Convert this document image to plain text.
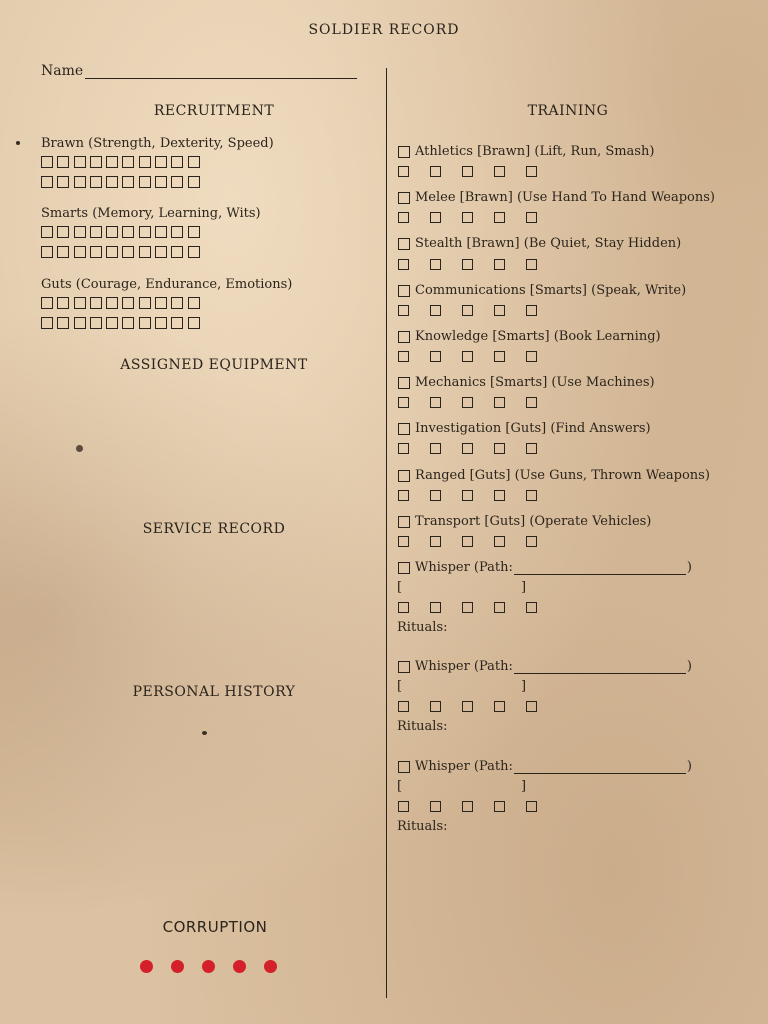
SOLDIER RECORD
Name
RECRUITMENT
Brawn (Strength, Dexterity, Speed)
Smarts (Memory, Learning, Wits)
Guts (Courage, Endurance, Emotions)
ASSIGNED EQUIPMENT
SERVICE RECORD
PERSONAL HISTORY
CORRUPTION
TRAINING
Athletics [Brawn] (Lift, Run, Smash)
Melee [Brawn] (Use Hand To Hand Weapons)
Stealth [Brawn] (Be Quiet, Stay Hidden)
Communications [Smarts] (Speak, Write)
Knowledge [Smarts] (Book Learning)
Mechanics [Smarts] (Use Machines)
Investigation [Guts] (Find Answers)
Ranged [Guts] (Use Guns, Thrown Weapons)
Transport [Guts] (Operate Vehicles)
Whisper (Path:	)
[	]
Rituals:
Whisper (Path:	)
[	]
Rituals:
Whisper (Path:	)
[	]
Rituals:
